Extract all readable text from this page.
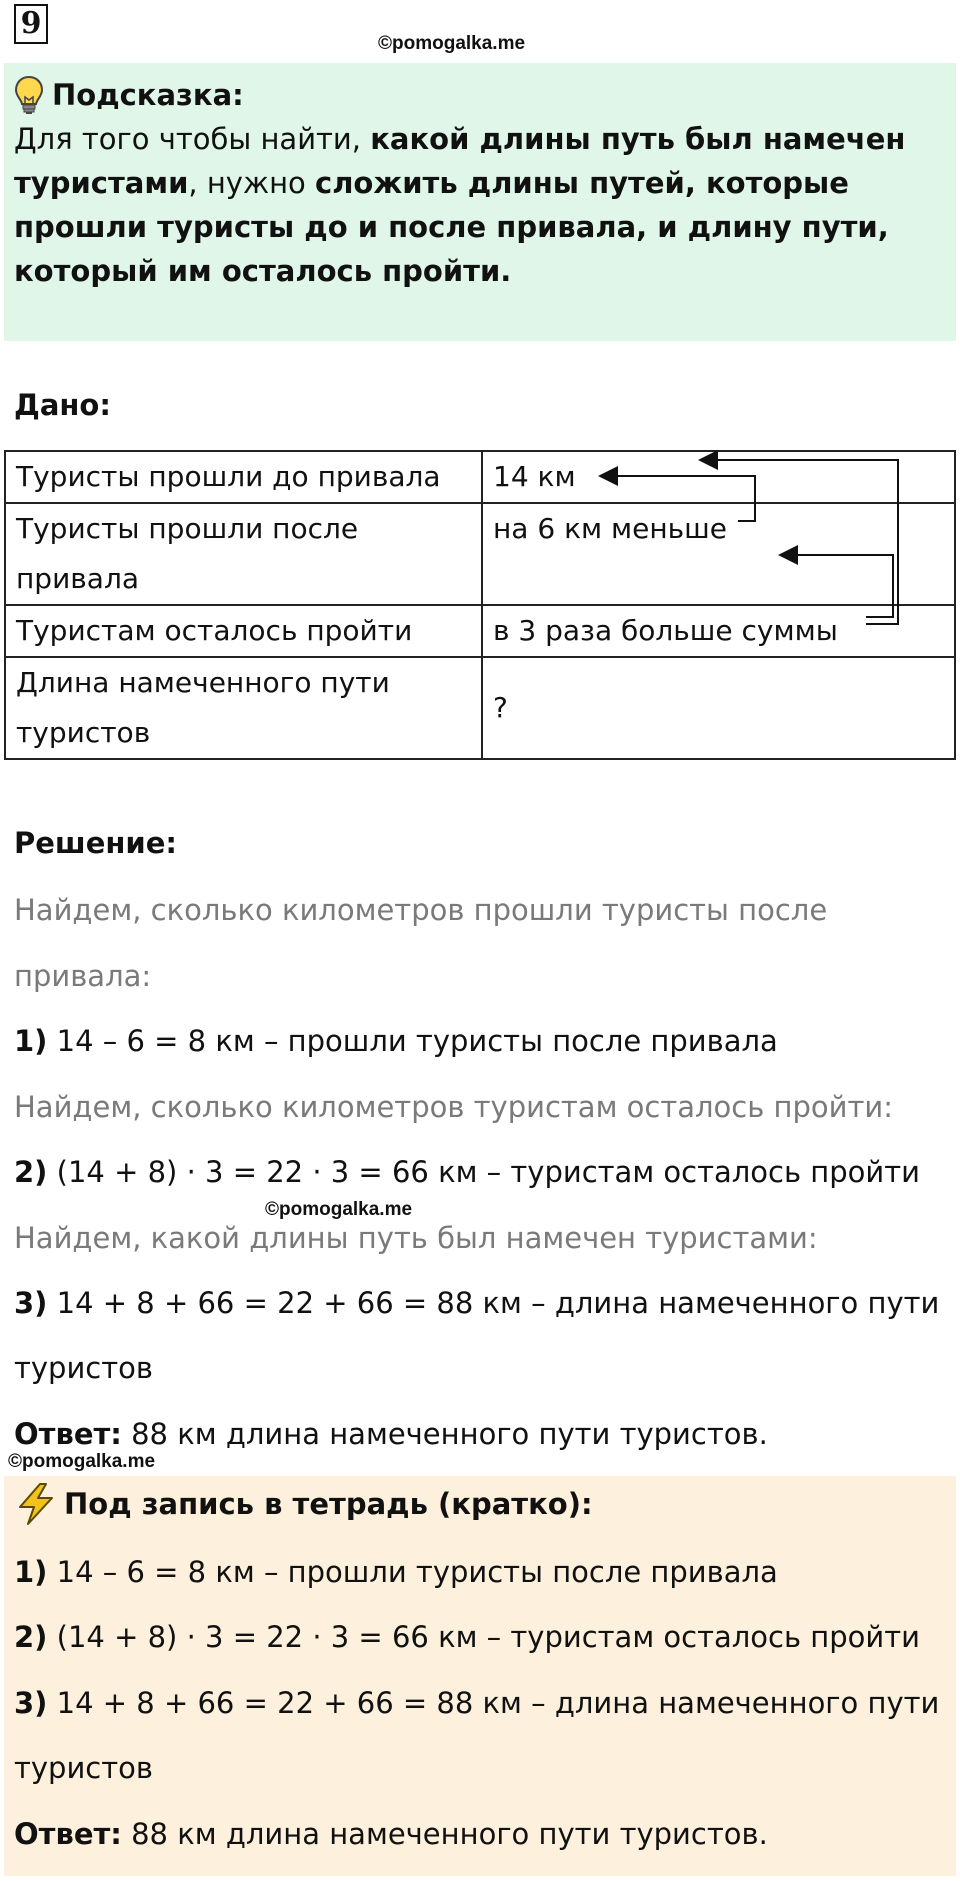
9
©pomogalka.me
Подсказка:
Для того чтобы найти, какой длины путь был намечен туристами, нужно сложить длины путей, которые прошли туристы до и после привала, и длину пути, который им осталось пройти.
Дано:
Туристы прошли до привала	14 км
Туристы прошли после привала	на 6 км меньше
Туристам осталось пройти	в 3 раза больше суммы
Длина намеченного пути туристов	?
Решение:
Найдем, сколько километров прошли туристы после
привала:
1) 14 – 6 = 8 км – прошли туристы после привала
Найдем, сколько километров туристам осталось пройти:
2) (14 + 8) · 3 = 22 · 3 = 66 км – туристам осталось пройти
©pomogalka.me
Найдем, какой длины путь был намечен туристами:
3) 14 + 8 + 66 = 22 + 66 = 88 км – длина намеченного пути
туристов
Ответ: 88 км длина намеченного пути туристов.
©pomogalka.me
Под запись в тетрадь (кратко):
1) 14 – 6 = 8 км – прошли туристы после привала
2) (14 + 8) · 3 = 22 · 3 = 66 км – туристам осталось пройти
3) 14 + 8 + 66 = 22 + 66 = 88 км – длина намеченного пути
туристов
Ответ: 88 км длина намеченного пути туристов.
